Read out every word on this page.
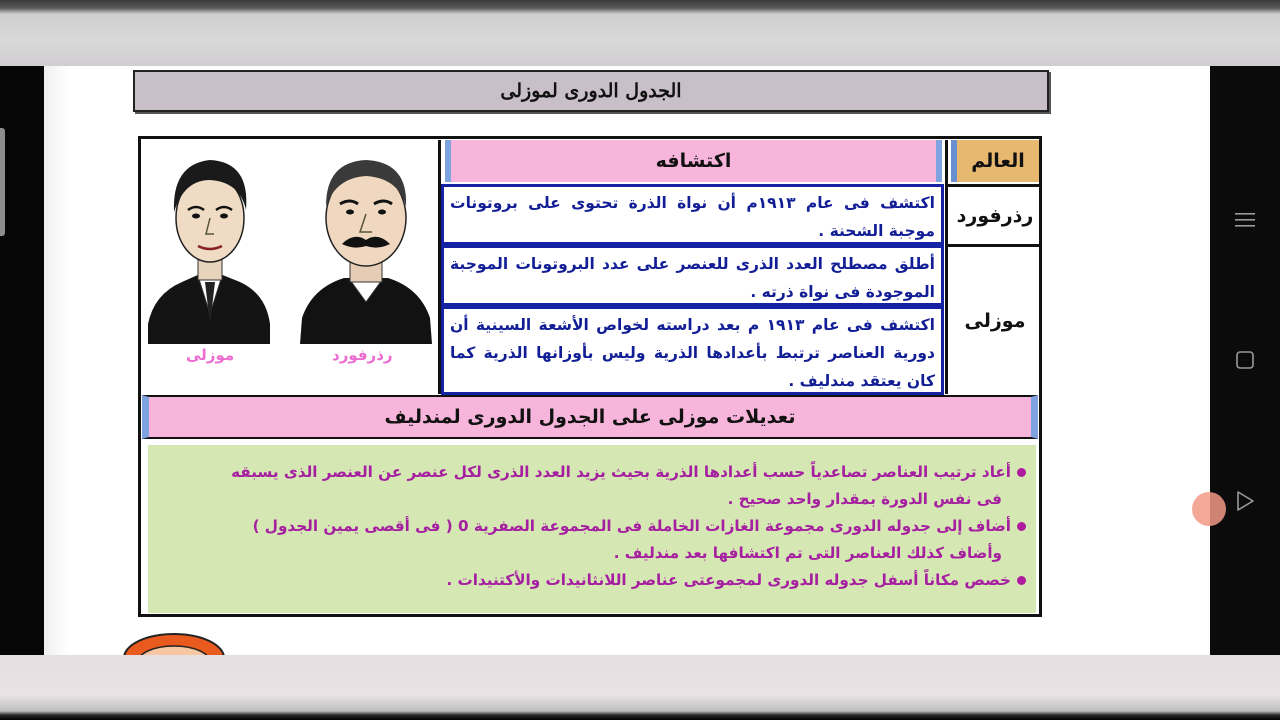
الجدول الدورى لموزلى
اكتشافه	العالم
رذرفورد
موزلى
اكتشف فى عام ١٩١٣م أن نواة الذرة تحتوى على بروتونات موجبة الشحنة .
أطلق مصطلح العدد الذرى للعنصر على عدد البروتونات الموجبة الموجودة فى نواة ذرته .
اكتشف فى عام ١٩١٣ م بعد دراسته لخواص الأشعة السينية أن دورية العناصر ترتبط بأعدادها الذرية وليس بأوزانها الذرية كما كان يعتقد مندليف .
موزلى	رذرفورد
تعديلات موزلى على الجدول الدورى لمندليف
أعاد ترتيب العناصر تصاعدياً حسب أعدادها الذرية بحيث يزيد العدد الذرى لكل عنصر عن العنصر الذى يسبقه
فى نفس الدورة بمقدار واحد صحيح .
أضاف إلى جدوله الدورى مجموعة الغازات الخاملة فى المجموعة الصفرية 0 ( فى أقصى يمين الجدول )
وأضاف كذلك العناصر التى تم اكتشافها بعد مندليف .
خصص مكاناً أسفل جدوله الدورى لمجموعتى عناصر اللانثانيدات والأكتنيدات .
